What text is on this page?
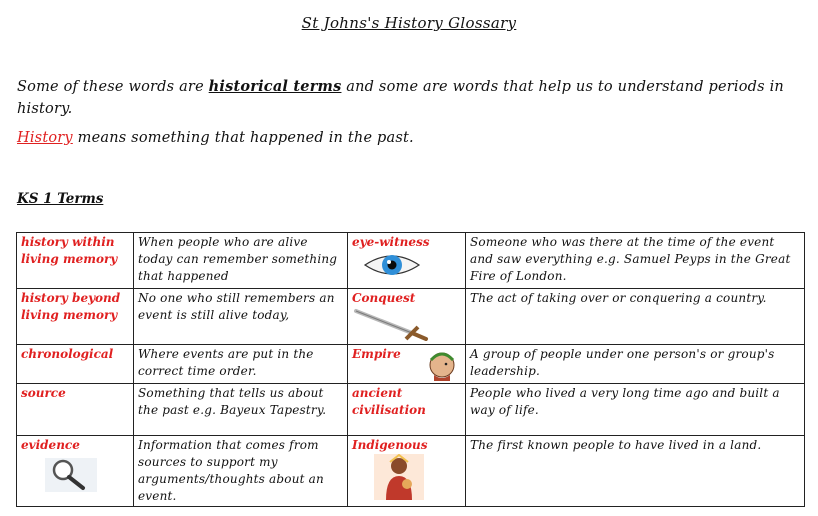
St Johns's History Glossary
Some of these words are historical terms and some are words that help us to understand periods in history.
History means something that happened in the past.
KS 1 Terms
history within living memory	When people who are alive today can remember something that happened	eye-witness	Someone who was there at the time of the event and saw everything e.g. Samuel Peyps in the Great Fire of London.
history beyond living memory	No one who still remembers an event is still alive today,	Conquest	The act of taking over or conquering a country.
chronological	Where events are put in the correct time order.	Empire	A group of people under one person's or group's leadership.
source	Something that tells us about the past e.g. Bayeux Tapestry.	ancient civilisation	People who lived a very long time ago and built a way of life.

evidence	Information that comes from sources to support my arguments/thoughts about an event.	Indigenous	The first known people to have lived in a land.
